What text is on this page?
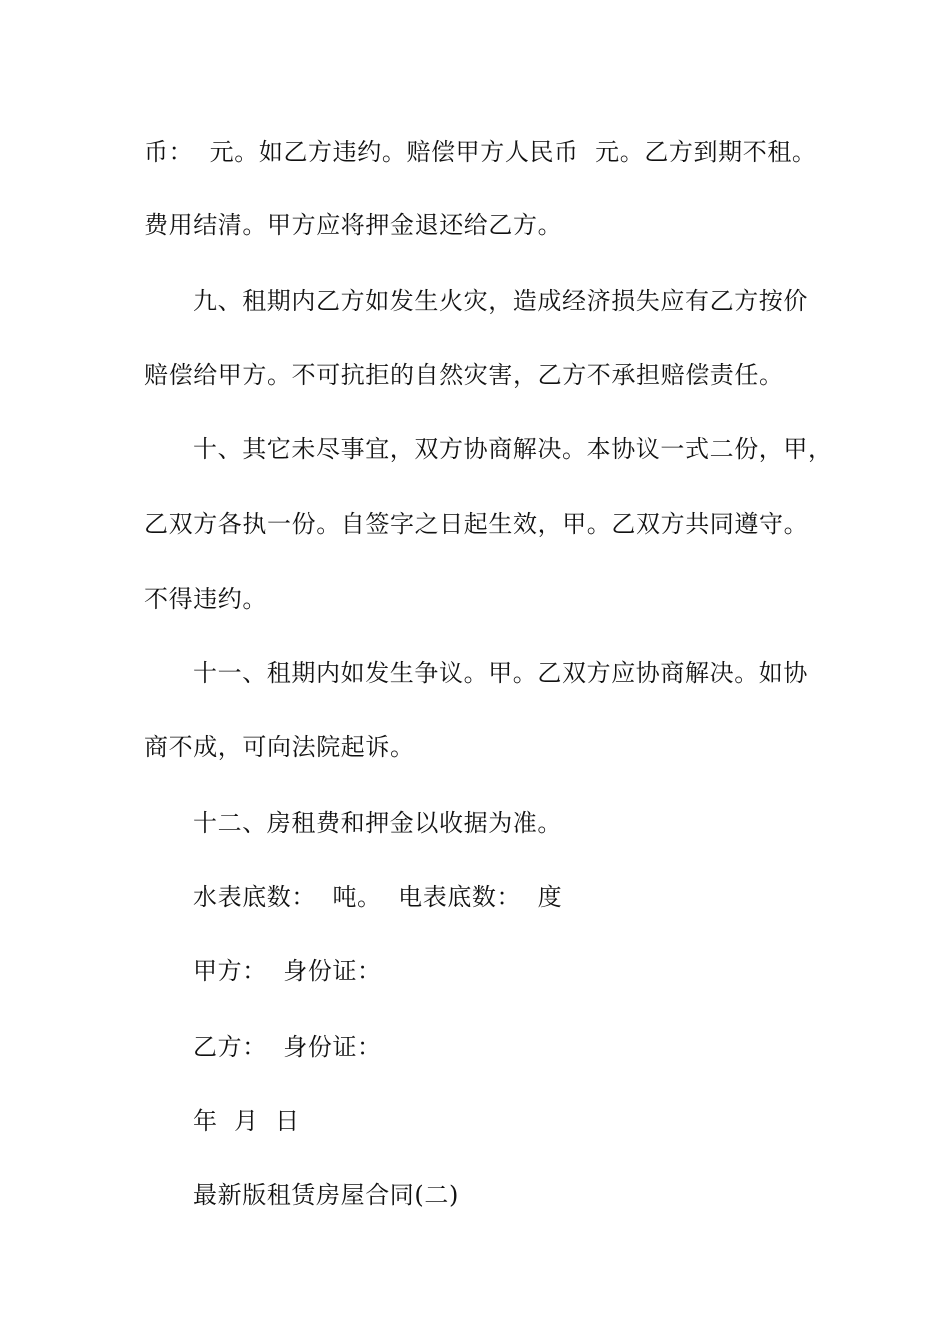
币：  元。如乙方违约。赔偿甲方人民币  元。乙方到期不租。
费用结清。甲方应将押金退还给乙方。
九、租期内乙方如发生火灾，造成经济损失应有乙方按价
赔偿给甲方。不可抗拒的自然灾害，乙方不承担赔偿责任。
十、其它未尽事宜，双方协商解决。本协议一式二份，甲，
乙双方各执一份。自签字之日起生效，甲。乙双方共同遵守。
不得违约。
十一、租期内如发生争议。甲。乙双方应协商解决。如协
商不成，可向法院起诉。
十二、房租费和押金以收据为准。
水表底数：  吨。  电表底数：  度
甲方：  身份证：
乙方：  身份证：
年  月  日
最新版租赁房屋合同(二)
